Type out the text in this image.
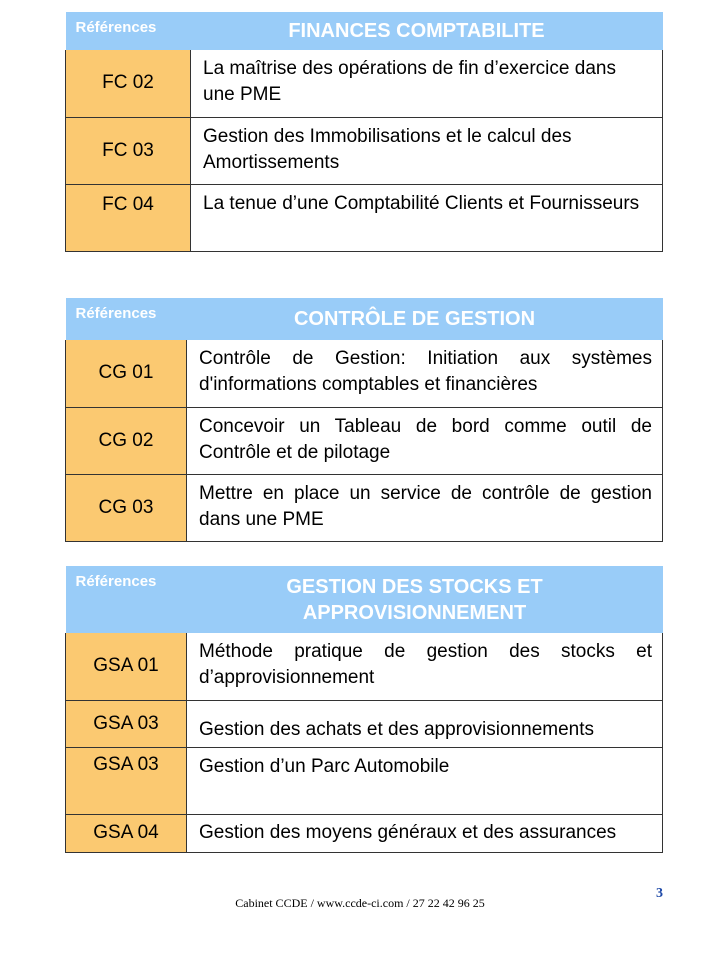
Références	FINANCES COMPTABILITE
FC 02	La maîtrise des opérations de fin d’exercice dans une PME
FC 03	Gestion des Immobilisations et le calcul des Amortissements
FC 04	La tenue d’une Comptabilité Clients et Fournisseurs
Références	CONTRÔLE DE GESTION
CG 01	Contrôle de Gestion: Initiation aux systèmes d'informations comptables et financières
CG 02	Concevoir un Tableau de bord comme outil de Contrôle et de pilotage
CG 03	Mettre en place un service de contrôle de gestion dans une PME
Références	GESTION DES STOCKS ET APPROVISIONNEMENT
GSA 01	Méthode pratique de gestion des stocks et d’approvisionnement
GSA 03	Gestion des achats et des approvisionnements
GSA 03	Gestion d’un Parc Automobile
GSA 04	Gestion des moyens généraux et des assurances
Cabinet CCDE / www.ccde-ci.com / 27 22 42 96 25
3
